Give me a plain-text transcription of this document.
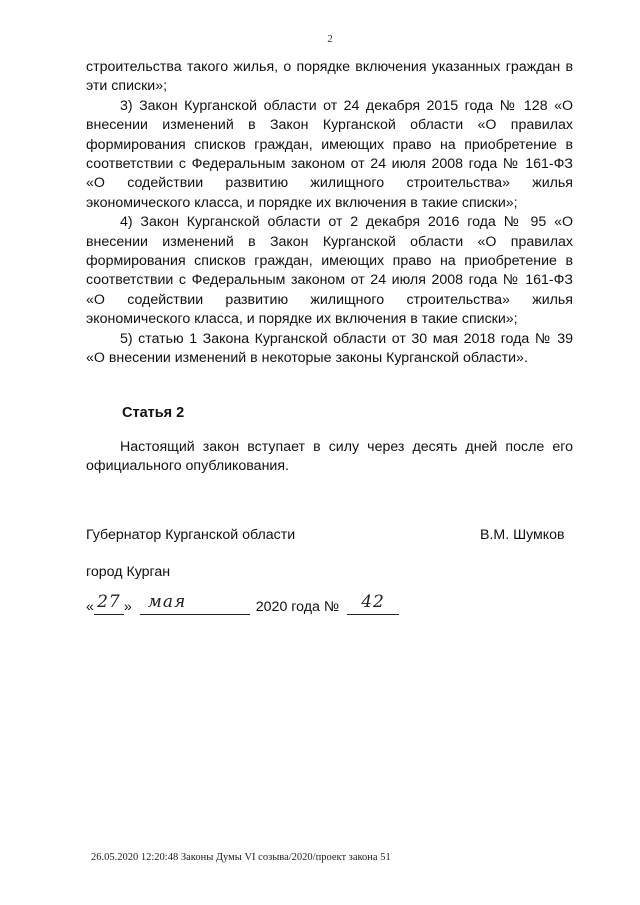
2

строительства такого жилья, о порядке включения указанных граждан в эти списки»;

3) Закон Курганской области от 24 декабря 2015 года № 128 «О внесении изменений в Закон Курганской области «О правилах формирования списков граждан, имеющих право на приобретение в соответствии с Федеральным законом от 24 июля 2008 года № 161-ФЗ «О содействии развитию жилищного строительства» жилья экономического класса, и порядке их включения в такие списки»;

4) Закон Курганской области от 2 декабря 2016 года № 95 «О внесении изменений в Закон Курганской области «О правилах формирования списков граждан, имеющих право на приобретение в соответствии с Федеральным законом от 24 июля 2008 года № 161-ФЗ «О содействии развитию жилищного строительства» жилья экономического класса, и порядке их включения в такие списки»;

5) статью 1 Закона Курганской области от 30 мая 2018 года № 39 «О внесении изменений в некоторые законы Курганской области».

Статья 2

Настоящий закон вступает в силу через десять дней после его официального опубликования.

Губернатор Курганской области	В.М. Шумков
город Курган
« 27 » мая	2020 года №	42
26.05.2020 12:20:48 Законы Думы VI созыва/2020/проект закона 51
